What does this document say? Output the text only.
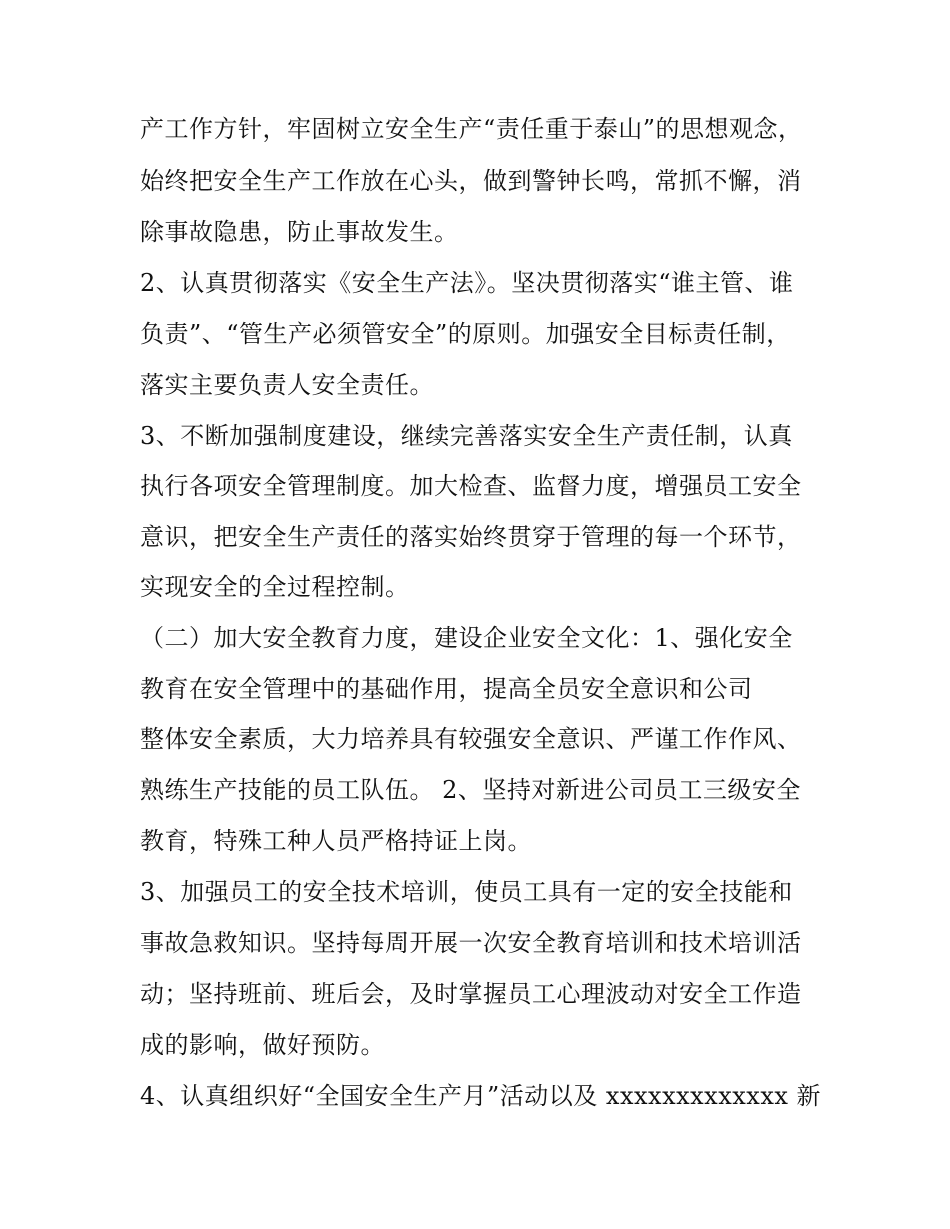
产工作方针，牢固树立安全生产“责任重于泰山”的思想观念，
始终把安全生产工作放在心头，做到警钟长鸣，常抓不懈，消
除事故隐患，防止事故发生。
2、认真贯彻落实《安全生产法》。坚决贯彻落实“谁主管、谁
负责”、“管生产必须管安全”的原则。加强安全目标责任制，
落实主要负责人安全责任。
3、不断加强制度建设，继续完善落实安全生产责任制，认真
执行各项安全管理制度。加大检查、监督力度，增强员工安全
意识，把安全生产责任的落实始终贯穿于管理的每一个环节，
实现安全的全过程控制。
（二）加大安全教育力度，建设企业安全文化：1、强化安全
教育在安全管理中的基础作用，提高全员安全意识和公司
整体安全素质，大力培养具有较强安全意识、严谨工作作风、
熟练生产技能的员工队伍。 2、坚持对新进公司员工三级安全
教育，特殊工种人员严格持证上岗。
3、加强员工的安全技术培训，使员工具有一定的安全技能和
事故急救知识。坚持每周开展一次安全教育培训和技术培训活
动；坚持班前、班后会，及时掌握员工心理波动对安全工作造
成的影响，做好预防。
4、认真组织好“全国安全生产月”活动以及 xxxxxxxxxxxxx 新
